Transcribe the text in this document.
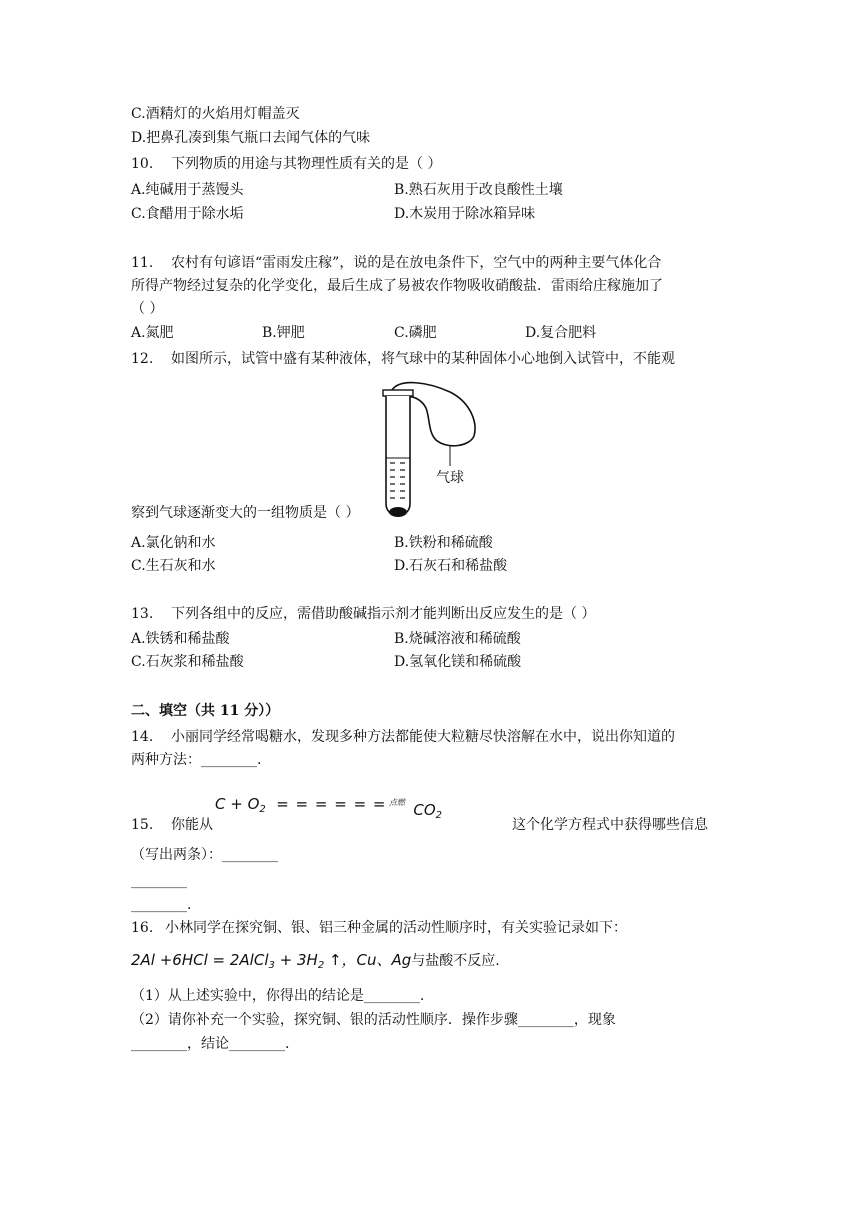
C.酒精灯的火焰用灯帽盖灭
D.把鼻孔凑到集气瓶口去闻气体的气味
10. 下列物质的用途与其物理性质有关的是（ ）
A.纯碱用于蒸馒头	B.熟石灰用于改良酸性土壤
C.食醋用于除水垢	D.木炭用于除冰箱异味
11. 农村有句谚语“雷雨发庄稼”，说的是在放电条件下，空气中的两种主要气体化合
所得产物经过复杂的化学变化，最后生成了易被农作物吸收硝酸盐．雷雨给庄稼施加了
（ ）
A.氮肥	B.钾肥	C.磷肥	D.复合肥料
12. 如图所示，试管中盛有某种液体，将气球中的某种固体小心地倒入试管中，不能观
气球
察到气球逐渐变大的一组物质是（ ）
A.氯化钠和水	B.铁粉和稀硫酸
C.生石灰和水	D.石灰石和稀盐酸
13. 下列各组中的反应，需借助酸碱指示剂才能判断出反应发生的是（ ）
A.铁锈和稀盐酸	B.烧碱溶液和稀硫酸
C.石灰浆和稀盐酸	D.氢氧化镁和稀硫酸
二、填空（共 11 分））
14. 小丽同学经常喝糖水，发现多种方法都能使大粒糖尽快溶解在水中，说出你知道的
两种方法：________.
15. 你能从
$C + O_2$ = = = = = = 点燃 $CO_2$
这个化学方程式中获得哪些信息
（写出两条）：________
________
________.
16. 小林同学在探究铜、银、铝三种金属的活动性顺序时，有关实验记录如下：
2Al +6HCl = 2AlCl$_3$ + $3H_2$ ↑，Cu、Ag与盐酸不反应.
（1）从上述实验中，你得出的结论是________.
（2）请你补充一个实验，探究铜、银的活动性顺序．操作步骤________，现象
________，结论________.
